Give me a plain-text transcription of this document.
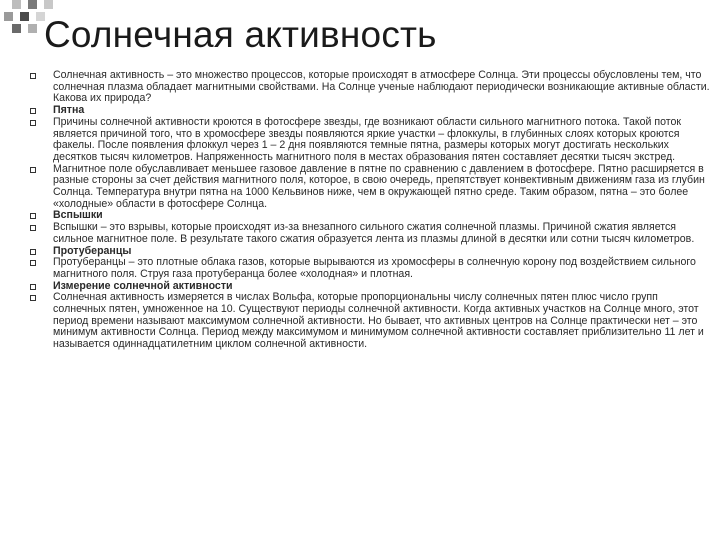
Солнечная активность
Солнечная активность – это множество процессов, которые происходят в атмосфере Солнца. Эти процессы обусловлены тем, что солнечная плазма обладает магнитными свойствами. На Солнце ученые наблюдают периодически возникающие активные области. Какова их природа?
Пятна
Причины солнечной активности кроются в фотосфере звезды, где возникают области сильного магнитного потока. Такой поток является причиной того, что в хромосфере звезды появляются яркие участки – флоккулы, в глубинных слоях которых кроются факелы. После появления флоккул через 1 – 2 дня появляются темные пятна, размеры которых могут достигать нескольких десятков тысяч километров. Напряженность магнитного поля в местах образования пятен составляет десятки тысяч экстред.
Магнитное поле обуславливает меньшее газовое давление в пятне по сравнению с давлением в фотосфере. Пятно расширяется в разные стороны за счет действия магнитного поля, которое, в свою очередь, препятствует конвективным движениям газа из глубин Солнца. Температура внутри пятна на 1000 Кельвинов ниже, чем в окружающей пятно среде. Таким образом, пятна – это более «холодные» области в фотосфере Солнца.
Вспышки
Вспышки – это взрывы, которые происходят из-за внезапного сильного сжатия солнечной плазмы. Причиной сжатия является сильное магнитное поле. В результате такого сжатия образуется лента из плазмы длиной в десятки или сотни тысяч километров.
Протуберанцы
Протуберанцы – это плотные облака газов, которые вырываются из хромосферы в солнечную корону под воздействием сильного магнитного поля. Струя газа протуберанца более «холодная» и плотная.
Измерение солнечной активности
Солнечная активность измеряется в числах Вольфа, которые пропорциональны числу солнечных пятен плюс число групп солнечных пятен, умноженное на 10. Существуют периоды солнечной активности. Когда активных участков на Солнце много, этот период времени называют максимумом солнечной активности. Но бывает, что активных центров на Солнце практически нет – это минимум активности Солнца. Период между максимумом и минимумом солнечной активности составляет приблизительно 11 лет и называется одиннадцатилетним циклом солнечной активности.
